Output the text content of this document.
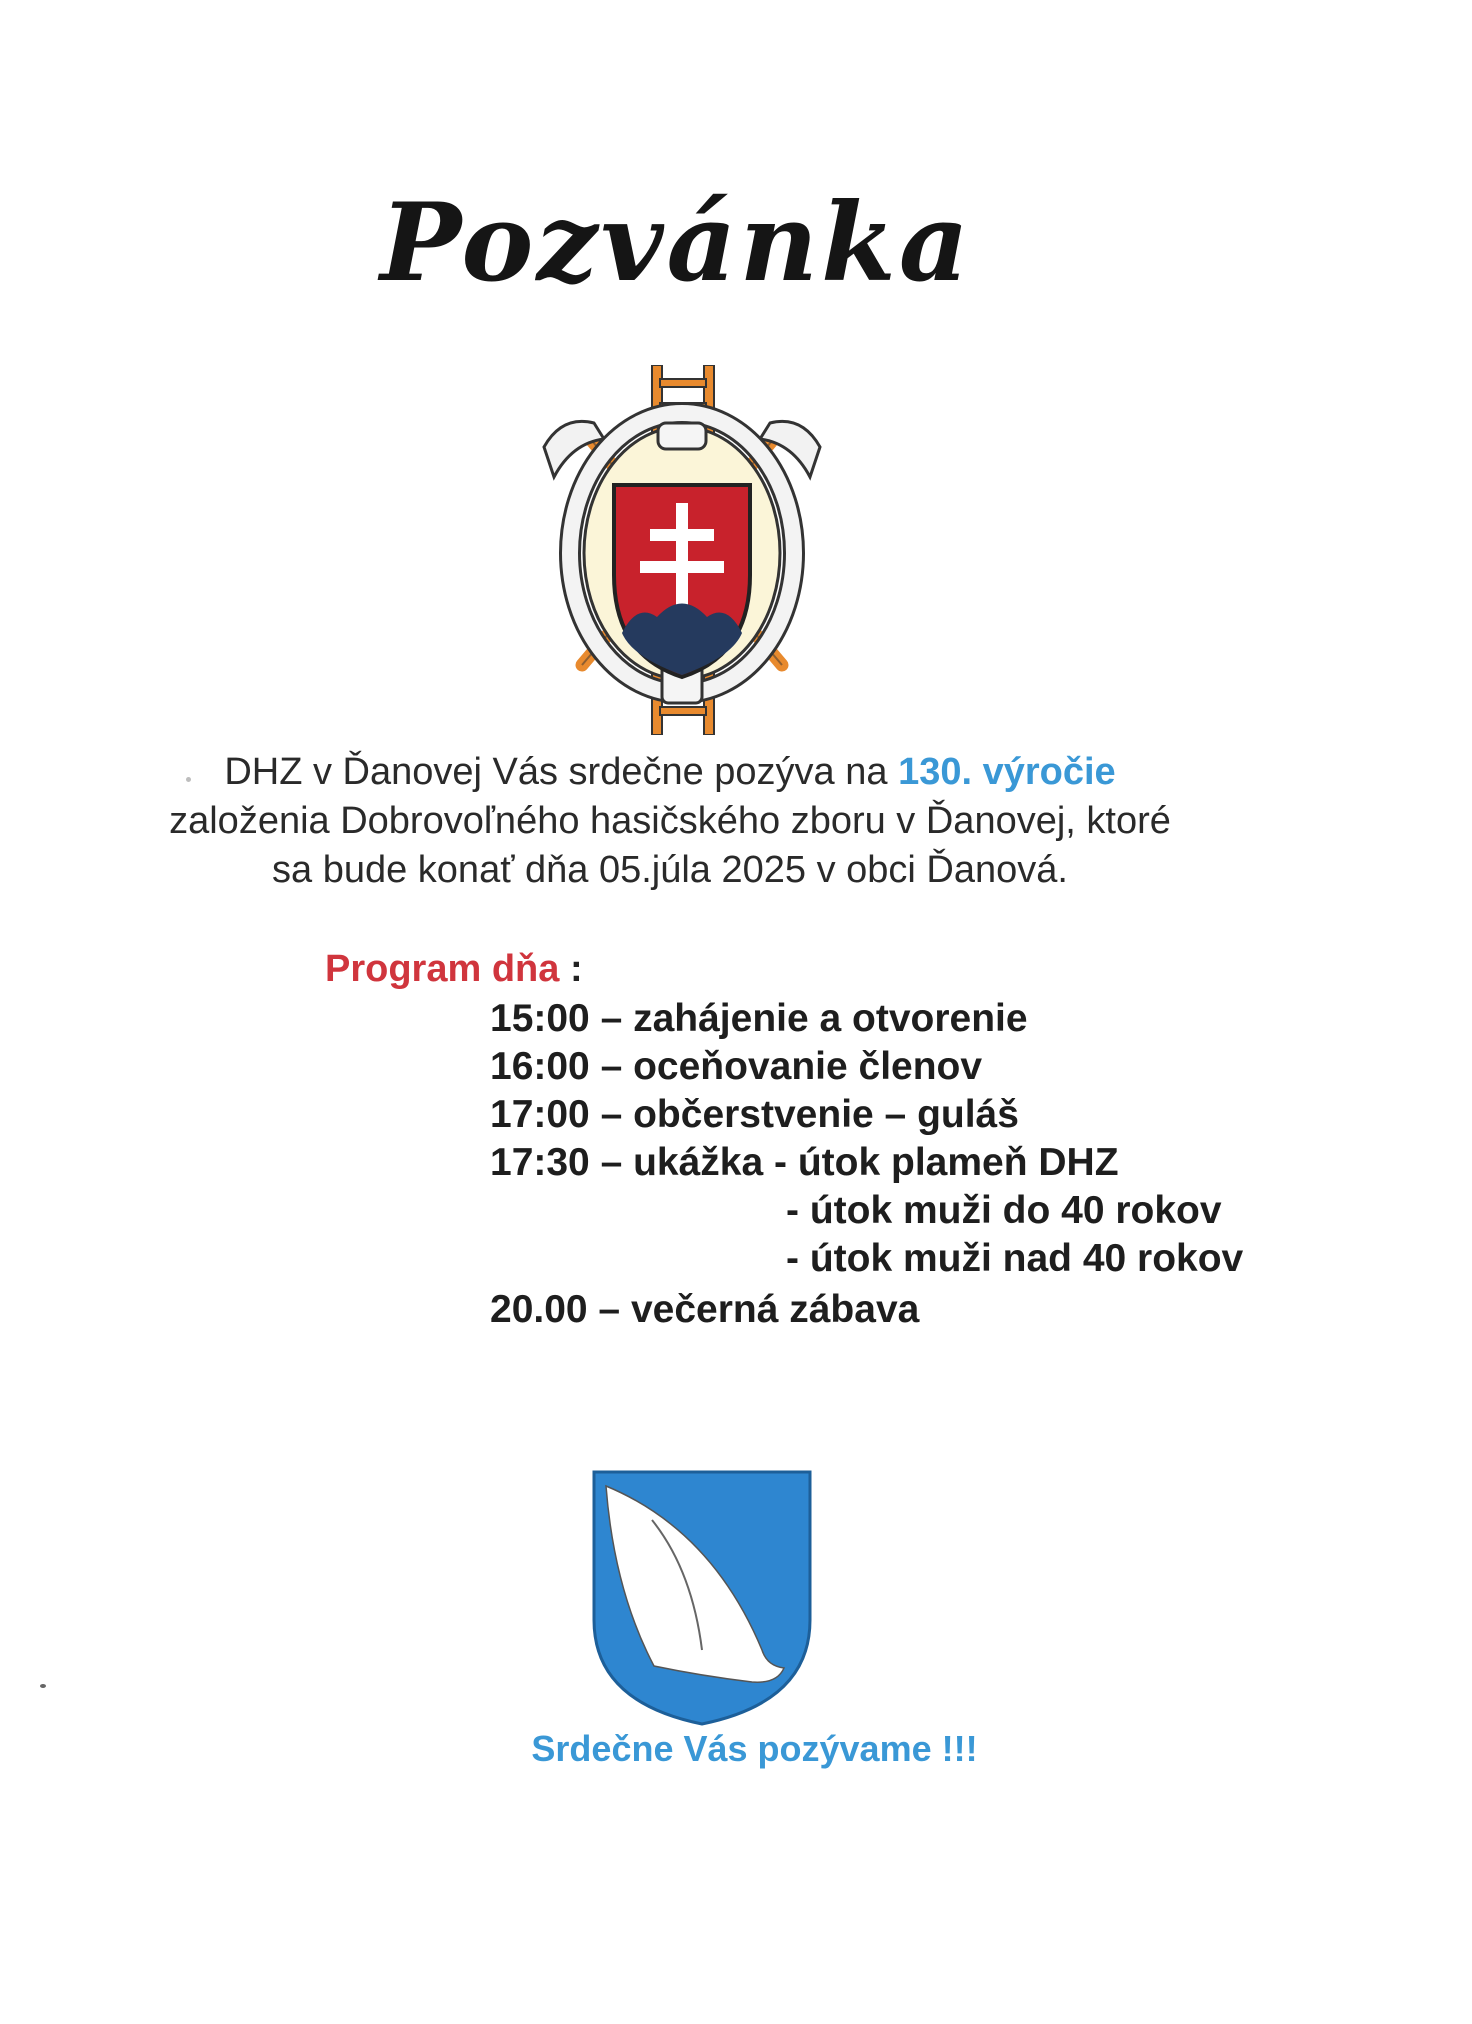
Pozvánka
DHZ v Ďanovej Vás srdečne pozýva na 130. výročie
založenia Dobrovoľného hasičského zboru v Ďanovej, ktoré
sa bude konať dňa 05.júla 2025 v obci Ďanová.
Program dňa :
15:00 – zahájenie a otvorenie
16:00 – oceňovanie členov
17:00 – občerstvenie – guláš
17:30 – ukážka - útok plameň DHZ
- útok muži do 40 rokov
- útok muži nad 40 rokov
20.00 – večerná zábava
Srdečne Vás pozývame !!!
